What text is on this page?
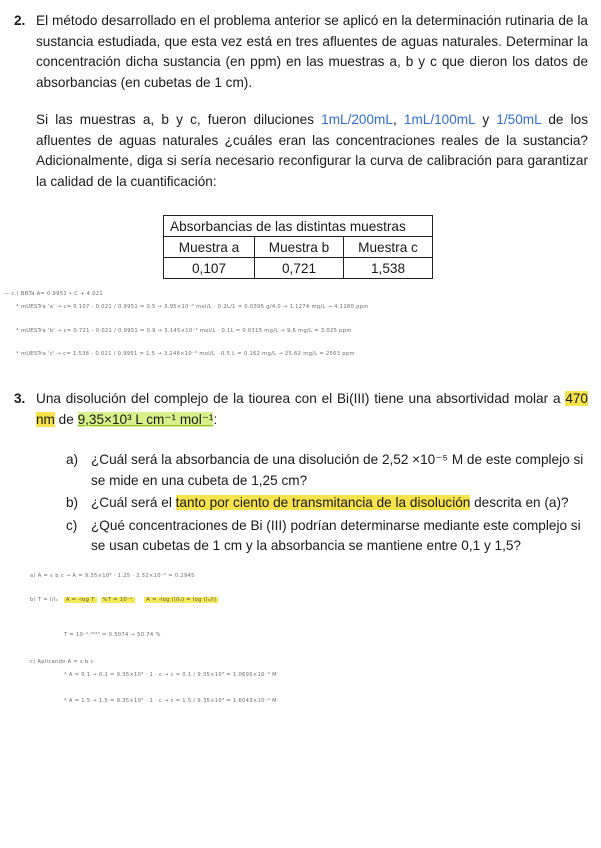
2. El método desarrollado en el problema anterior se aplicó en la determinación rutinaria de la sustancia estudiada, que esta vez está en tres afluentes de aguas naturales. Determinar la concentración dicha sustancia (en ppm) en las muestras a, b y c que dieron los datos de absorbancias (en cubetas de 1 cm).

Si las muestras a, b y c, fueron diluciones 1mL/200mL, 1mL/100mL y 1/50mL de los afluentes de aguas naturales ¿cuáles eran las concentraciones reales de la sustancia? Adicionalmente, diga si sería necesario reconfigurar la curva de calibración para garantizar la calidad de la cuantificación:

Absorbancias de las distintas muestras		
Muestra a	Muestra b	Muestra c
0,107	0,721	1,538
— c.( BBTa A= 0.9951 • C + 4.021
* mUESTra 'a' → c= 0.107 - 0.021 / 0.9951 = 0.5 → 3.95×10⁻⁴ mol/L · 0.2L/1 = 0.0395 g/4.0 → 1.1274 mg/L → 4.1180 ppm
* mUESTra 'b' → c= 0.721 - 0.021 / 0.9951 = 0.9 → 3.145×10⁻³ mol/L · 0.1L = 0.0315 mg/L → 9.6 mg/L = 3.025 ppm
* mUESTra 'c' → c= 1.538 - 0.021 / 0.9951 = 1.5 → 3.248×10⁻³ mol/L · 0.5 L = 0.162 mg/L → 25.62 mg/L = 2563 ppm
3. Una disolución del complejo de la tiourea con el Bi(III) tiene una absortividad molar a 470 nm de 9,35×10³ L cm⁻¹ mol⁻¹:

a) ¿Cuál será la absorbancia de una disolución de 2,52 ×10⁻⁵ M de este complejo si se mide en una cubeta de 1,25 cm?
b) ¿Cuál será el tanto por ciento de transmitancia de la disolución descrita en (a)?
c) ¿Qué concentraciones de Bi (III) podrían determinarse mediante este complejo si se usan cubetas de 1 cm y la absorbancia se mantiene entre 0,1 y 1,5?
a) A = ε b c → A = 9.35×10³ · 1.25 · 2.52×10⁻⁵ = 0.2945
b) T = I/I₀ A = -log T %T = 10⁻ᴬ	A = -log (I/I₀) = log (I₀/I)
T = 10⁻⁰·²⁹⁴⁵ = 0.5074 → 50.74 %
c) Aplicando A = ε b c
* A = 0.1 → 0.1 = 9.35×10³ · 1 · c → c = 0.1 / 9.35×10³ = 1.0695×10⁻⁵ M
* A = 1.5 → 1.5 = 9.35×10³ · 1 · c → c = 1.5 / 9.35×10³ = 1.6043×10⁻⁴ M
